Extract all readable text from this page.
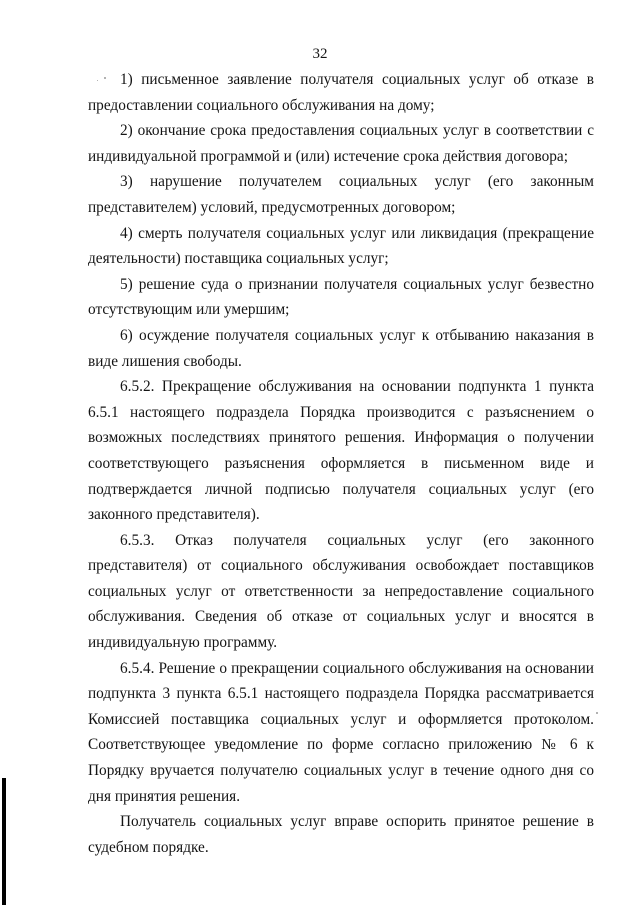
32

1) письменное заявление получателя социальных услуг об отказе в предоставлении социального обслуживания на дому;

2) окончание срока предоставления социальных услуг в соответствии с индивидуальной программой и (или) истечение срока действия договора;

3) нарушение получателем социальных услуг (его законным представителем) условий, предусмотренных договором;

4) смерть получателя социальных услуг или ликвидация (прекращение деятельности) поставщика социальных услуг;

5) решение суда о признании получателя социальных услуг безвестно отсутствующим или умершим;

6) осуждение получателя социальных услуг к отбыванию наказания в виде лишения свободы.

6.5.2. Прекращение обслуживания на основании подпункта 1 пункта 6.5.1 настоящего подраздела Порядка производится с разъяснением о возможных последствиях принятого решения. Информация о получении соответствующего разъяснения оформляется в письменном виде и подтверждается личной подписью получателя социальных услуг (его законного представителя).

6.5.3. Отказ получателя социальных услуг (его законного представителя) от социального обслуживания освобождает поставщиков социальных услуг от ответственности за непредоставление социального обслуживания. Сведения об отказе от социальных услуг и вносятся в индивидуальную программу.

6.5.4. Решение о прекращении социального обслуживания на основании подпункта 3 пункта 6.5.1 настоящего подраздела Порядка рассматривается Комиссией поставщика социальных услуг и оформляется протоколом. Соответствующее уведомление по форме согласно приложению № 6 к Порядку вручается получателю социальных услуг в течение одного дня со дня принятия решения.

Получатель социальных услуг вправе оспорить принятое решение в судебном порядке.
